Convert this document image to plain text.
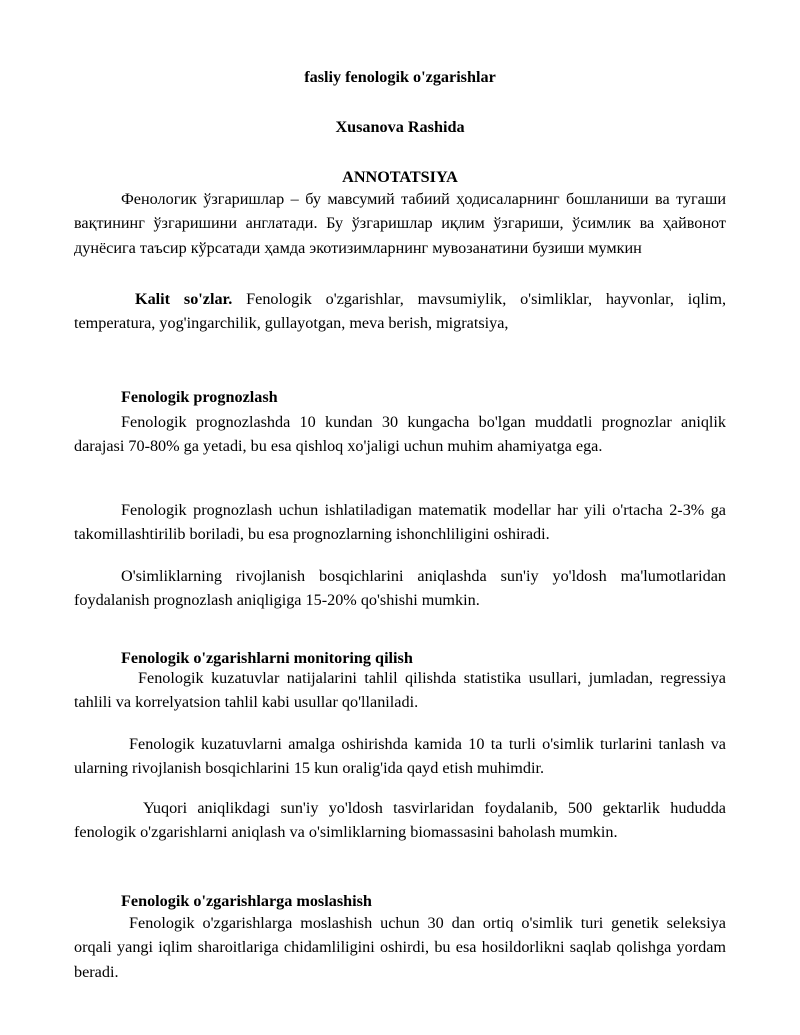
fasliy fenologik o'zgarishlar
Xusanova Rashida
ANNOTATSIYA

Фенологик ўзгаришлар – бу мавсумий табиий ҳодисаларнинг бошланиши ва тугаши вақтининг ўзгаришини англатади. Бу ўзгаришлар иқлим ўзгариши, ўсимлик ва ҳайвонот дунёсига таъсир кўрсатади ҳамда экотизимларнинг мувозанатини бузиши мумкин

Kalit so'zlar. Fenologik o'zgarishlar, mavsumiylik, o'simliklar, hayvonlar, iqlim, temperatura, yog'ingarchilik, gullayotgan, meva berish, migratsiya,

Fenologik prognozlash

Fenologik prognozlashda 10 kundan 30 kungacha bo'lgan muddatli prognozlar aniqlik darajasi 70-80% ga yetadi, bu esa qishloq xo'jaligi uchun muhim ahamiyatga ega.

Fenologik prognozlash uchun ishlatiladigan matematik modellar har yili o'rtacha 2-3% ga takomillashtirilib boriladi, bu esa prognozlarning ishonchliligini oshiradi.

O'simliklarning rivojlanish bosqichlarini aniqlashda sun'iy yo'ldosh ma'lumotlaridan foydalanish prognozlash aniqligiga 15-20% qo'shishi mumkin.

Fenologik o'zgarishlarni monitoring qilish

Fenologik kuzatuvlar natijalarini tahlil qilishda statistika usullari, jumladan, regressiya tahlili va korrelyatsion tahlil kabi usullar qo'llaniladi.

Fenologik kuzatuvlarni amalga oshirishda kamida 10 ta turli o'simlik turlarini tanlash va ularning rivojlanish bosqichlarini 15 kun oralig'ida qayd etish muhimdir.

Yuqori aniqlikdagi sun'iy yo'ldosh tasvirlaridan foydalanib, 500 gektarlik hududda fenologik o'zgarishlarni aniqlash va o'simliklarning biomassasini baholash mumkin.

Fenologik o'zgarishlarga moslashish

Fenologik o'zgarishlarga moslashish uchun 30 dan ortiq o'simlik turi genetik seleksiya orqali yangi iqlim sharoitlariga chidamliligini oshirdi, bu esa hosildorlikni saqlab qolishga yordam beradi.
